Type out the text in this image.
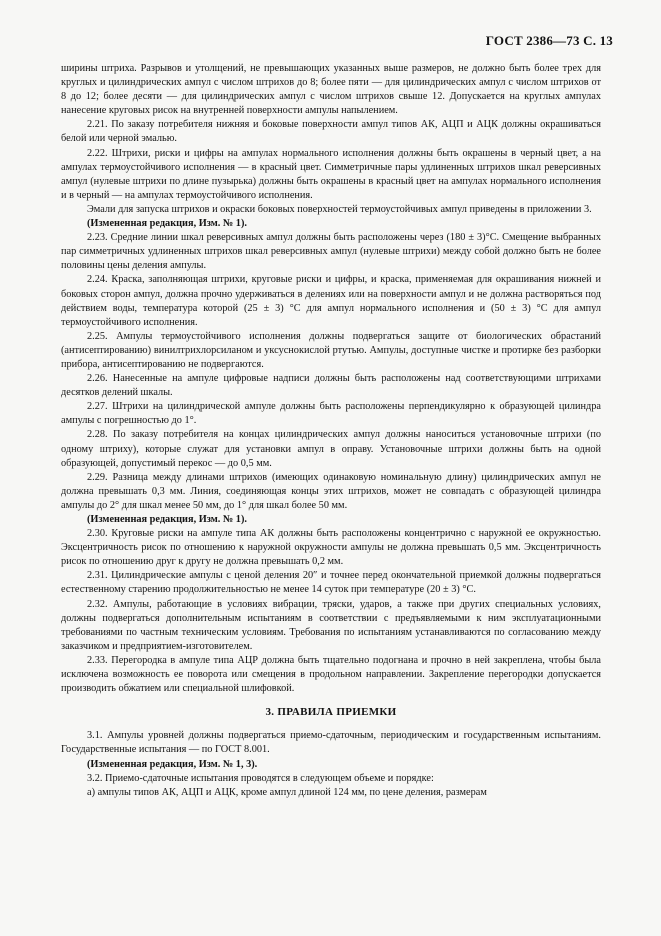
ГОСТ 2386—73 С. 13

ширины штриха. Разрывов и утолщений, не превышающих указанных выше размеров, не должно быть более трех для круглых и цилиндрических ампул с числом штрихов до 8; более пяти — для цилиндрических ампул с числом штрихов от 8 до 12; более десяти — для цилиндрических ампул с числом штрихов свыше 12. Допускается на круглых ампулах нанесение круговых рисок на внутренней поверхности ампулы напылением.

2.21. По заказу потребителя нижняя и боковые поверхности ампул типов АК, АЦП и АЦК должны окрашиваться белой или черной эмалью.

2.22. Штрихи, риски и цифры на ампулах нормального исполнения должны быть окрашены в черный цвет, а на ампулах термоустойчивого исполнения — в красный цвет. Симметричные пары удлиненных штрихов шкал реверсивных ампул (нулевые штрихи по длине пузырька) должны быть окрашены в красный цвет на ампулах нормального исполнения и в черный — на ампулах термоустойчивого исполнения.

Эмали для запуска штрихов и окраски боковых поверхностей термоустойчивых ампул приведены в приложении 3.

(Измененная редакция, Изм. № 1).

2.23. Средние линии шкал реверсивных ампул должны быть расположены через (180 ± 3)°С. Смещение выбранных пар симметричных удлиненных штрихов шкал реверсивных ампул (нулевые штрихи) между собой должно быть не более половины цены деления ампулы.

2.24. Краска, заполняющая штрихи, круговые риски и цифры, и краска, применяемая для окрашивания нижней и боковых сторон ампул, должна прочно удерживаться в делениях или на поверхности ампул и не должна растворяться под действием воды, температура которой (25 ± 3) °С для ампул нормального исполнения и (50 ± 3) °С для ампул термоустойчивого исполнения.

2.25. Ампулы термоустойчивого исполнения должны подвергаться защите от биологических обрастаний (антисептированию) винилтрихлорсиланом и уксуснокислой ртутью. Ампулы, доступные чистке и протирке без разборки прибора, антисептированию не подвергаются.

2.26. Нанесенные на ампуле цифровые надписи должны быть расположены над соответствующими штрихами десятков делений шкалы.

2.27. Штрихи на цилиндрической ампуле должны быть расположены перпендикулярно к образующей цилиндра ампулы с погрешностью до 1°.

2.28. По заказу потребителя на концах цилиндрических ампул должны наноситься установочные штрихи (по одному штриху), которые служат для установки ампул в оправу. Установочные штрихи должны быть на одной образующей, допустимый перекос — до 0,5 мм.

2.29. Разница между длинами штрихов (имеющих одинаковую номинальную длину) цилиндрических ампул не должна превышать 0,3 мм. Линия, соединяющая концы этих штрихов, может не совпадать с образующей цилиндра ампулы до 2° для шкал менее 50 мм, до 1° для шкал более 50 мм.

(Измененная редакция, Изм. № 1).

2.30. Круговые риски на ампуле типа АК должны быть расположены концентрично с наружной ее окружностью. Эксцентричность рисок по отношению к наружной окружности ампулы не должна превышать 0,5 мм. Эксцентричность рисок по отношению друг к другу не должна превышать 0,2 мм.

2.31. Цилиндрические ампулы с ценой деления 20″ и точнее перед окончательной приемкой должны подвергаться естественному старению продолжительностью не менее 14 суток при температуре (20 ± 3) °С.

2.32. Ампулы, работающие в условиях вибрации, тряски, ударов, а также при других специальных условиях, должны подвергаться дополнительным испытаниям в соответствии с предъявляемыми к ним эксплуатационными требованиями по частным техническим условиям. Требования по испытаниям устанавливаются по согласованию между заказчиком и предприятием-изготовителем.

2.33. Перегородка в ампуле типа АЦР должна быть тщательно подогнана и прочно в ней закреплена, чтобы была исключена возможность ее поворота или смещения в продольном направлении. Закрепление перегородки допускается производить обжатием или специальной шлифовкой.

3. ПРАВИЛА ПРИЕМКИ

3.1. Ампулы уровней должны подвергаться приемо-сдаточным, периодическим и государственным испытаниям. Государственные испытания — по ГОСТ 8.001.

(Измененная редакция, Изм. № 1, 3).

3.2. Приемо-сдаточные испытания проводятся в следующем объеме и порядке:

а) ампулы типов АК, АЦП и АЦК, кроме ампул длиной 124 мм, по цене деления, размерам
